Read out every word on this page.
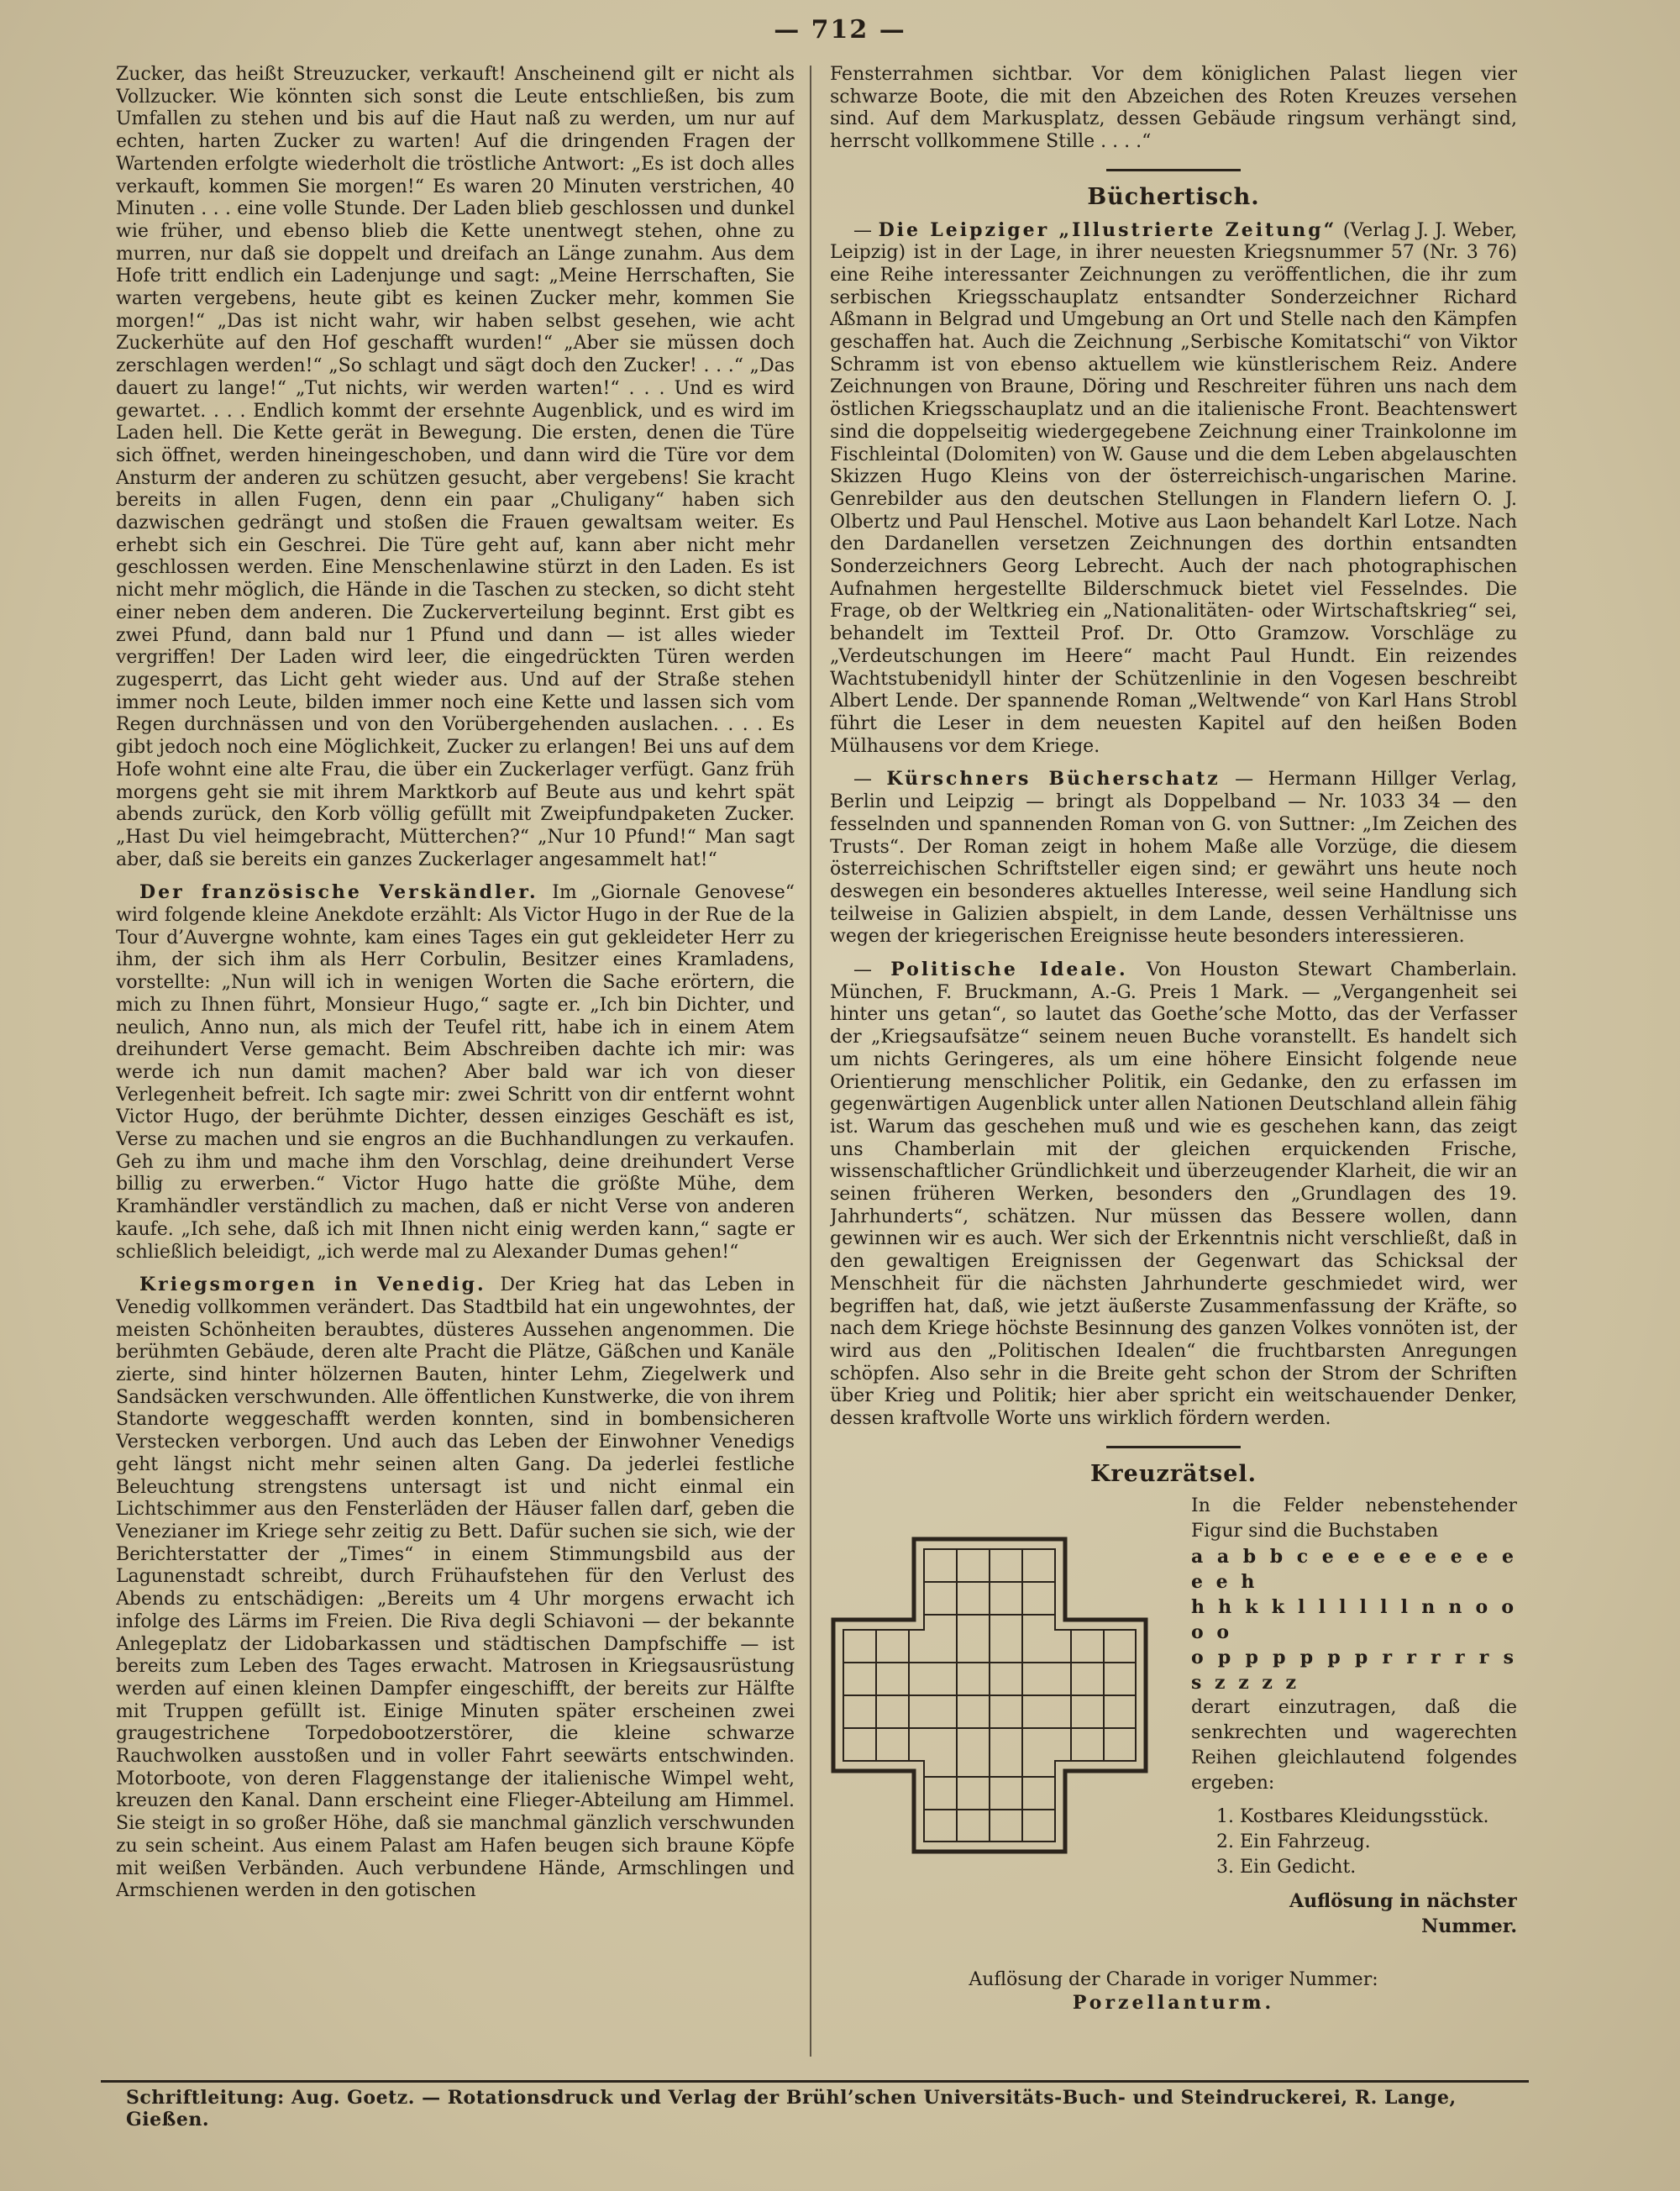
— 712 —

Zucker, das heißt Streuzucker, verkauft! Anscheinend gilt er nicht als Vollzucker. Wie könnten sich sonst die Leute entschließen, bis zum Umfallen zu stehen und bis auf die Haut naß zu werden, um nur auf echten, harten Zucker zu warten! Auf die dringenden Fragen der Wartenden erfolgte wiederholt die tröstliche Antwort: „Es ist doch alles verkauft, kommen Sie morgen!“ Es waren 20 Minuten verstrichen, 40 Minuten . . . eine volle Stunde. Der Laden blieb geschlossen und dunkel wie früher, und ebenso blieb die Kette unentwegt stehen, ohne zu murren, nur daß sie doppelt und dreifach an Länge zunahm. Aus dem Hofe tritt endlich ein Ladenjunge und sagt: „Meine Herrschaften, Sie warten vergebens, heute gibt es keinen Zucker mehr, kommen Sie morgen!“ „Das ist nicht wahr, wir haben selbst gesehen, wie acht Zuckerhüte auf den Hof geschafft wurden!“ „Aber sie müssen doch zerschlagen werden!“ „So schlagt und sägt doch den Zucker! . . .“ „Das dauert zu lange!“ „Tut nichts, wir werden warten!“ . . . Und es wird gewartet. . . . Endlich kommt der ersehnte Augenblick, und es wird im Laden hell. Die Kette gerät in Bewegung. Die ersten, denen die Türe sich öffnet, werden hineingeschoben, und dann wird die Türe vor dem Ansturm der anderen zu schützen gesucht, aber vergebens! Sie kracht bereits in allen Fugen, denn ein paar „Chuligany“ haben sich dazwischen gedrängt und stoßen die Frauen gewaltsam weiter. Es erhebt sich ein Geschrei. Die Türe geht auf, kann aber nicht mehr geschlossen werden. Eine Menschenlawine stürzt in den Laden. Es ist nicht mehr möglich, die Hände in die Taschen zu stecken, so dicht steht einer neben dem anderen. Die Zuckerverteilung beginnt. Erst gibt es zwei Pfund, dann bald nur 1 Pfund und dann — ist alles wieder vergriffen! Der Laden wird leer, die eingedrückten Türen werden zugesperrt, das Licht geht wieder aus. Und auf der Straße stehen immer noch Leute, bilden immer noch eine Kette und lassen sich vom Regen durchnässen und von den Vorübergehenden auslachen. . . . Es gibt jedoch noch eine Möglichkeit, Zucker zu erlangen! Bei uns auf dem Hofe wohnt eine alte Frau, die über ein Zuckerlager verfügt. Ganz früh morgens geht sie mit ihrem Marktkorb auf Beute aus und kehrt spät abends zurück, den Korb völlig gefüllt mit Zweipfundpaketen Zucker. „Hast Du viel heimgebracht, Mütterchen?“ „Nur 10 Pfund!“ Man sagt aber, daß sie bereits ein ganzes Zuckerlager angesammelt hat!“

Der französische Verskändler. Im „Giornale Genovese“ wird folgende kleine Anekdote erzählt: Als Victor Hugo in der Rue de la Tour d’Auvergne wohnte, kam eines Tages ein gut gekleideter Herr zu ihm, der sich ihm als Herr Corbulin, Besitzer eines Kramladens, vorstellte: „Nun will ich in wenigen Worten die Sache erörtern, die mich zu Ihnen führt, Monsieur Hugo,“ sagte er. „Ich bin Dichter, und neulich, Anno nun, als mich der Teufel ritt, habe ich in einem Atem dreihundert Verse gemacht. Beim Abschreiben dachte ich mir: was werde ich nun damit machen? Aber bald war ich von dieser Verlegenheit befreit. Ich sagte mir: zwei Schritt von dir entfernt wohnt Victor Hugo, der berühmte Dichter, dessen einziges Geschäft es ist, Verse zu machen und sie engros an die Buchhandlungen zu verkaufen. Geh zu ihm und mache ihm den Vorschlag, deine dreihundert Verse billig zu erwerben.“ Victor Hugo hatte die größte Mühe, dem Kramhändler verständlich zu machen, daß er nicht Verse von anderen kaufe. „Ich sehe, daß ich mit Ihnen nicht einig werden kann,“ sagte er schließlich beleidigt, „ich werde mal zu Alexander Dumas gehen!“

Kriegsmorgen in Venedig. Der Krieg hat das Leben in Venedig vollkommen verändert. Das Stadtbild hat ein ungewohntes, der meisten Schönheiten beraubtes, düsteres Aussehen angenommen. Die berühmten Gebäude, deren alte Pracht die Plätze, Gäßchen und Kanäle zierte, sind hinter hölzernen Bauten, hinter Lehm, Ziegelwerk und Sandsäcken verschwunden. Alle öffentlichen Kunstwerke, die von ihrem Standorte weggeschafft werden konnten, sind in bombensicheren Verstecken verborgen. Und auch das Leben der Einwohner Venedigs geht längst nicht mehr seinen alten Gang. Da jederlei festliche Beleuchtung strengstens untersagt ist und nicht einmal ein Lichtschimmer aus den Fensterläden der Häuser fallen darf, geben die Venezianer im Kriege sehr zeitig zu Bett. Dafür suchen sie sich, wie der Berichterstatter der „Times“ in einem Stimmungsbild aus der Lagunenstadt schreibt, durch Frühaufstehen für den Verlust des Abends zu entschädigen: „Bereits um 4 Uhr morgens erwacht ich infolge des Lärms im Freien. Die Riva degli Schiavoni — der bekannte Anlegeplatz der Lidobarkassen und städtischen Dampfschiffe — ist bereits zum Leben des Tages erwacht. Matrosen in Kriegsausrüstung werden auf einen kleinen Dampfer eingeschifft, der bereits zur Hälfte mit Truppen gefüllt ist. Einige Minuten später erscheinen zwei graugestrichene Torpedobootzerstörer, die kleine schwarze Rauchwolken ausstoßen und in voller Fahrt seewärts entschwinden. Motorboote, von deren Flaggenstange der italienische Wimpel weht, kreuzen den Kanal. Dann erscheint eine Flieger-Abteilung am Himmel. Sie steigt in so großer Höhe, daß sie manchmal gänzlich verschwunden zu sein scheint. Aus einem Palast am Hafen beugen sich braune Köpfe mit weißen Verbänden. Auch verbundene Hände, Armschlingen und Armschienen werden in den gotischen

Fensterrahmen sichtbar. Vor dem königlichen Palast liegen vier schwarze Boote, die mit den Abzeichen des Roten Kreuzes versehen sind. Auf dem Markusplatz, dessen Gebäude ringsum verhängt sind, herrscht vollkommene Stille . . . .“

Büchertisch.

— Die Leipziger „Illustrierte Zeitung“ (Verlag J. J. Weber, Leipzig) ist in der Lage, in ihrer neuesten Kriegsnummer 57 (Nr. 3 76) eine Reihe interessanter Zeichnungen zu veröffentlichen, die ihr zum serbischen Kriegsschauplatz entsandter Sonderzeichner Richard Aßmann in Belgrad und Umgebung an Ort und Stelle nach den Kämpfen geschaffen hat. Auch die Zeichnung „Serbische Komitatschi“ von Viktor Schramm ist von ebenso aktuellem wie künstlerischem Reiz. Andere Zeichnungen von Braune, Döring und Reschreiter führen uns nach dem östlichen Kriegsschauplatz und an die italienische Front. Beachtenswert sind die doppelseitig wiedergegebene Zeichnung einer Trainkolonne im Fischleintal (Dolomiten) von W. Gause und die dem Leben abgelauschten Skizzen Hugo Kleins von der österreichisch-ungarischen Marine. Genrebilder aus den deutschen Stellungen in Flandern liefern O. J. Olbertz und Paul Henschel. Motive aus Laon behandelt Karl Lotze. Nach den Dardanellen versetzen Zeichnungen des dorthin entsandten Sonderzeichners Georg Lebrecht. Auch der nach photographischen Aufnahmen hergestellte Bilderschmuck bietet viel Fesselndes. Die Frage, ob der Weltkrieg ein „Nationalitäten- oder Wirtschaftskrieg“ sei, behandelt im Textteil Prof. Dr. Otto Gramzow. Vorschläge zu „Verdeutschungen im Heere“ macht Paul Hundt. Ein reizendes Wachtstubenidyll hinter der Schützenlinie in den Vogesen beschreibt Albert Lende. Der spannende Roman „Weltwende“ von Karl Hans Strobl führt die Leser in dem neuesten Kapitel auf den heißen Boden Mülhausens vor dem Kriege.

— Kürschners Bücherschatz — Hermann Hillger Verlag, Berlin und Leipzig — bringt als Doppelband — Nr. 1033 34 — den fesselnden und spannenden Roman von G. von Suttner: „Im Zeichen des Trusts“. Der Roman zeigt in hohem Maße alle Vorzüge, die diesem österreichischen Schriftsteller eigen sind; er gewährt uns heute noch deswegen ein besonderes aktuelles Interesse, weil seine Handlung sich teilweise in Galizien abspielt, in dem Lande, dessen Verhältnisse uns wegen der kriegerischen Ereignisse heute besonders interessieren.

— Politische Ideale. Von Houston Stewart Chamberlain. München, F. Bruckmann, A.-G. Preis 1 Mark. — „Vergangenheit sei hinter uns getan“, so lautet das Goethe’sche Motto, das der Verfasser der „Kriegsaufsätze“ seinem neuen Buche voranstellt. Es handelt sich um nichts Geringeres, als um eine höhere Einsicht folgende neue Orientierung menschlicher Politik, ein Gedanke, den zu erfassen im gegenwärtigen Augenblick unter allen Nationen Deutschland allein fähig ist. Warum das geschehen muß und wie es geschehen kann, das zeigt uns Chamberlain mit der gleichen erquickenden Frische, wissenschaftlicher Gründlichkeit und überzeugender Klarheit, die wir an seinen früheren Werken, besonders den „Grundlagen des 19. Jahrhunderts“, schätzen. Nur müssen das Bessere wollen, dann gewinnen wir es auch. Wer sich der Erkenntnis nicht verschließt, daß in den gewaltigen Ereignissen der Gegenwart das Schicksal der Menschheit für die nächsten Jahrhunderte geschmiedet wird, wer begriffen hat, daß, wie jetzt äußerste Zusammenfassung der Kräfte, so nach dem Kriege höchste Besinnung des ganzen Volkes vonnöten ist, der wird aus den „Politischen Idealen“ die fruchtbarsten Anregungen schöpfen. Also sehr in die Breite geht schon der Strom der Schriften über Krieg und Politik; hier aber spricht ein weitschauender Denker, dessen kraftvolle Worte uns wirklich fördern werden.

Kreuzrätsel.
In die Felder nebenstehender Figur sind die Buchstaben
a a b b c e e e e e e e e e e h
h h k k l l l l l l n n o o o o
o p p p p p p r r r r r s s z z z z
derart einzutragen, daß die senkrechten und wagerechten Reihen gleichlautend folgendes ergeben:
1. Kostbares Kleidungsstück.
2. Ein Fahrzeug.
3. Ein Gedicht.
Auflösung in nächster Nummer.
Auflösung der Charade in voriger Nummer:
Porzellanturm.
Schriftleitung: Aug. Goetz. — Rotationsdruck und Verlag der Brühl’schen Universitäts-Buch- und Steindruckerei, R. Lange, Gießen.
